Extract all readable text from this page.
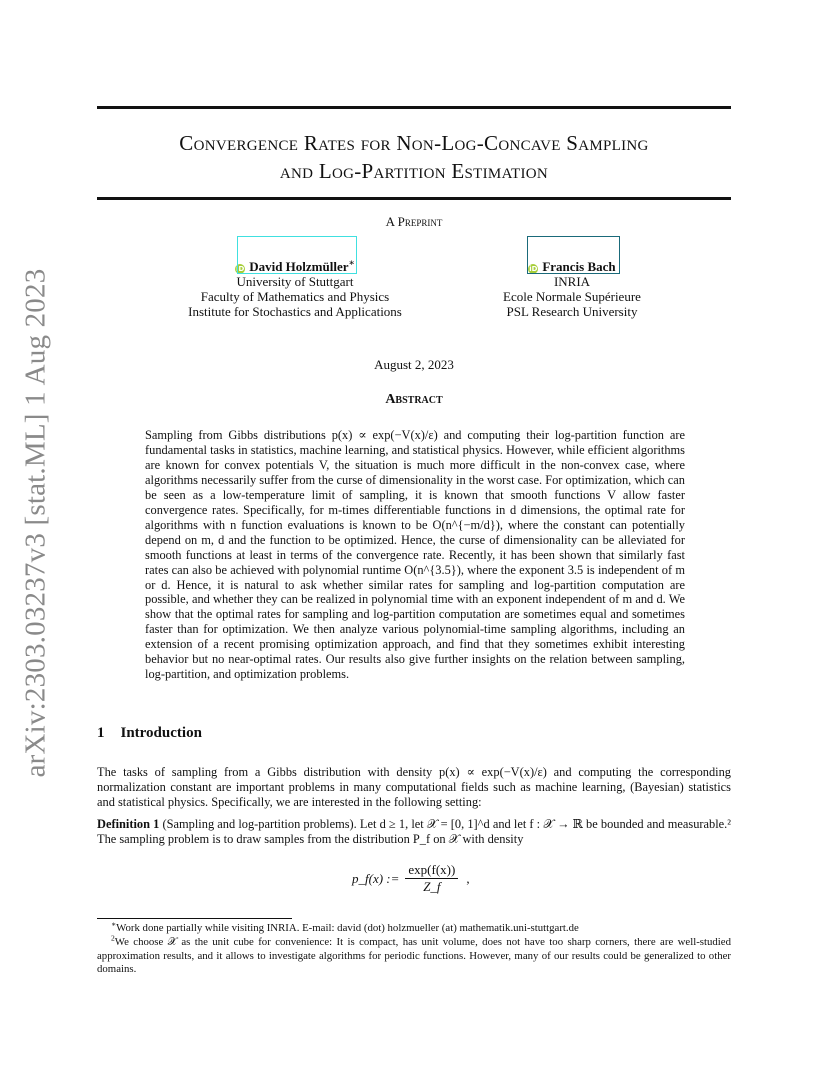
arXiv:2303.03237v3 [stat.ML] 1 Aug 2023
Convergence Rates for Non-Log-Concave Sampling
and Log-Partition Estimation
A Preprint
iD David Holzmüller∗
University of Stuttgart
Faculty of Mathematics and Physics
Institute for Stochastics and Applications
iD Francis Bach
INRIA
Ecole Normale Supérieure
PSL Research University
August 2, 2023
Abstract
Sampling from Gibbs distributions p(x) ∝ exp(−V(x)/ε) and computing their log-partition function are fundamental tasks in statistics, machine learning, and statistical physics. However, while efficient algorithms are known for convex potentials V, the situation is much more difficult in the non-convex case, where algorithms necessarily suffer from the curse of dimensionality in the worst case. For optimization, which can be seen as a low-temperature limit of sampling, it is known that smooth functions V allow faster convergence rates. Specifically, for m-times differentiable functions in d dimensions, the optimal rate for algorithms with n function evaluations is known to be O(n^{−m/d}), where the constant can potentially depend on m, d and the function to be optimized. Hence, the curse of dimensionality can be alleviated for smooth functions at least in terms of the convergence rate. Recently, it has been shown that similarly fast rates can also be achieved with polynomial runtime O(n^{3.5}), where the exponent 3.5 is independent of m or d. Hence, it is natural to ask whether similar rates for sampling and log-partition computation are possible, and whether they can be realized in polynomial time with an exponent independent of m and d. We show that the optimal rates for sampling and log-partition computation are sometimes equal and sometimes faster than for optimization. We then analyze various polynomial-time sampling algorithms, including an extension of a recent promising optimization approach, and find that they sometimes exhibit interesting behavior but no near-optimal rates. Our results also give further insights on the relation between sampling, log-partition, and optimization problems.
1 Introduction
The tasks of sampling from a Gibbs distribution with density p(x) ∝ exp(−V(x)/ε) and computing the corresponding normalization constant are important problems in many computational fields such as machine learning, (Bayesian) statistics and statistical physics. Specifically, we are interested in the following setting:
Definition 1 (Sampling and log-partition problems). Let d ≥ 1, let 𝒳 = [0, 1]^d and let f : 𝒳 → ℝ be bounded and measurable.² The sampling problem is to draw samples from the distribution P_f on 𝒳 with density
p_f(x) := $\frac{\exp(f(x))}{Z\_f}$ ,
∗Work done partially while visiting INRIA. E-mail: david (dot) holzmueller (at) mathematik.uni-stuttgart.de
$^2$We choose 𝒳 as the unit cube for convenience: It is compact, has unit volume, does not have too sharp corners, there are well-studied approximation results, and it allows to investigate algorithms for periodic functions. However, many of our results could be generalized to other domains.
